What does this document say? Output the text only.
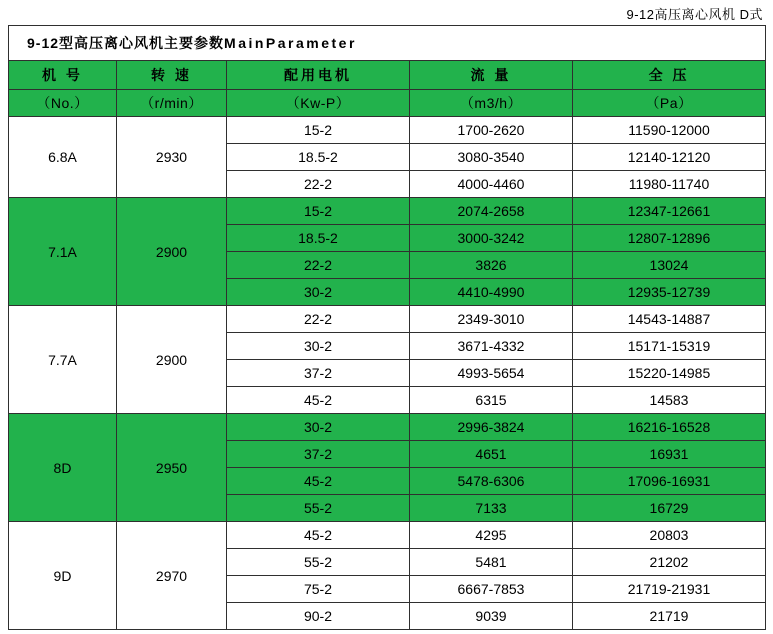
9-12高压离心风机 D式
9-12型高压离心风机主要参数MainParameter				
机 号	转 速	配用电机	流 量	全 压
（No.）	（r/min）	（Kw-P）	（m3/h）	（Pa）
6.8A	2930	15-2	1700-2620	11590-12000
		18.5-2	3080-3540	12140-12120
		22-2	4000-4460	11980-11740
7.1A	2900	15-2	2074-2658	12347-12661
		18.5-2	3000-3242	12807-12896
		22-2	3826	13024
		30-2	4410-4990	12935-12739
7.7A	2900	22-2	2349-3010	14543-14887
		30-2	3671-4332	15171-15319
		37-2	4993-5654	15220-14985
		45-2	6315	14583
8D	2950	30-2	2996-3824	16216-16528
		37-2	4651	16931
		45-2	5478-6306	17096-16931
		55-2	7133	16729
9D	2970	45-2	4295	20803
		55-2	5481	21202
		75-2	6667-7853	21719-21931
		90-2	9039	21719
